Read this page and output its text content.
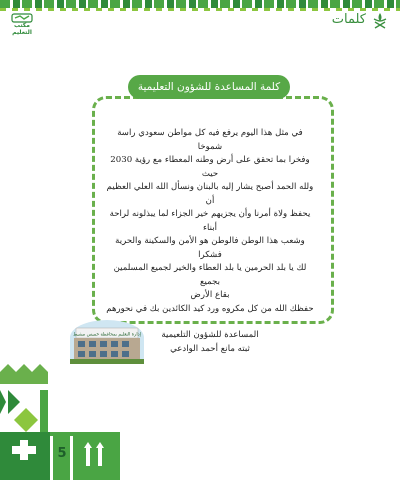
مكتب التعليم
كلمات
كلمة المساعدة للشؤون التعليمية

في مثل هذا اليوم يرفع فيه كل مواطن سعودي راسة شموخا

وفخرا بما تحقق على أرض وطنه المعطاء مع رؤية 2030 حيث

ولله الحمد أصبح يشار إليه بالبنان ونسأل الله العلي العظيم أن

يحفظ ولاة أمرنا وأن يجزيهم خير الجزاء لما يبذلونه لراحة أبناء

وشعب هذا الوطن فالوطن هو الأمن والسكينة والحرية فشكرا

لك يا بلد الحرمين يا بلد العطاء والخير لجميع المسلمين بجميع

بقاع الأرض

حفظك الله من كل مكروه ورد كيد الكائدين بك في نحورهم

المساعدة للشؤون التلعيمية

ثبته مانع أحمد الوادعي

إدارة التعليم بمحافظة خميس مشيط
5
